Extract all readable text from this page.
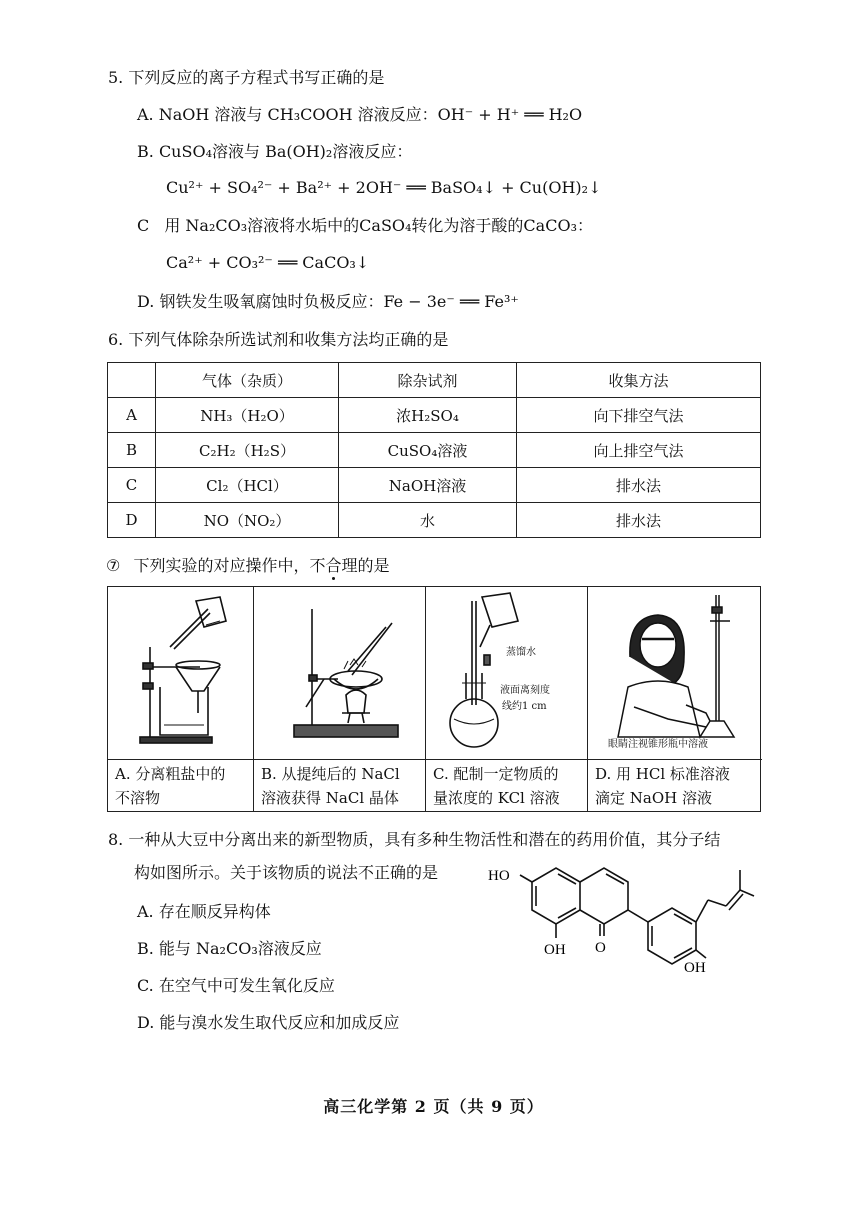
5. 下列反应的离子方程式书写正确的是
A. NaOH 溶液与 CH₃COOH 溶液反应：OH⁻ + H⁺ ══ H₂O
B. CuSO₄溶液与 Ba(OH)₂溶液反应：
Cu²⁺ + SO₄²⁻ + Ba²⁺ + 2OH⁻ ══ BaSO₄↓ + Cu(OH)₂↓
C 用 Na₂CO₃溶液将水垢中的CaSO₄转化为溶于酸的CaCO₃：
Ca²⁺ + CO₃²⁻ ══ CaCO₃↓
D. 钢铁发生吸氧腐蚀时负极反应：Fe − 3e⁻ ══ Fe³⁺
6. 下列气体除杂所选试剂和收集方法均正确的是
	气体（杂质）	除杂试剂	收集方法
A	NH₃（H₂O）	浓H₂SO₄	向下排空气法
B	C₂H₂（H₂S）	CuSO₄溶液	向上排空气法
C	Cl₂（HCl）	NaOH溶液	排水法
D	NO（NO₂）	水	排水法
⑦ 下列实验的对应操作中，不合理的是
A. 分离粗盐中的
不溶物
B. 从提纯后的 NaCl
溶液获得 NaCl 晶体
蒸馏水
液面离刻度
线约1 cm
C. 配制一定物质的
量浓度的 KCl 溶液
眼睛注视锥形瓶中溶液
D. 用 HCl 标准溶液
滴定 NaOH 溶液
8. 一种从大豆中分离出来的新型物质，具有多种生物活性和潜在的药用价值，其分子结
构如图所示。关于该物质的说法不正确的是
A. 存在顺反异构体
B. 能与 Na₂CO₃溶液反应
C. 在空气中可发生氧化反应
D. 能与溴水发生取代反应和加成反应
HO
OH O
OH
高三化学第 2 页（共 9 页）
